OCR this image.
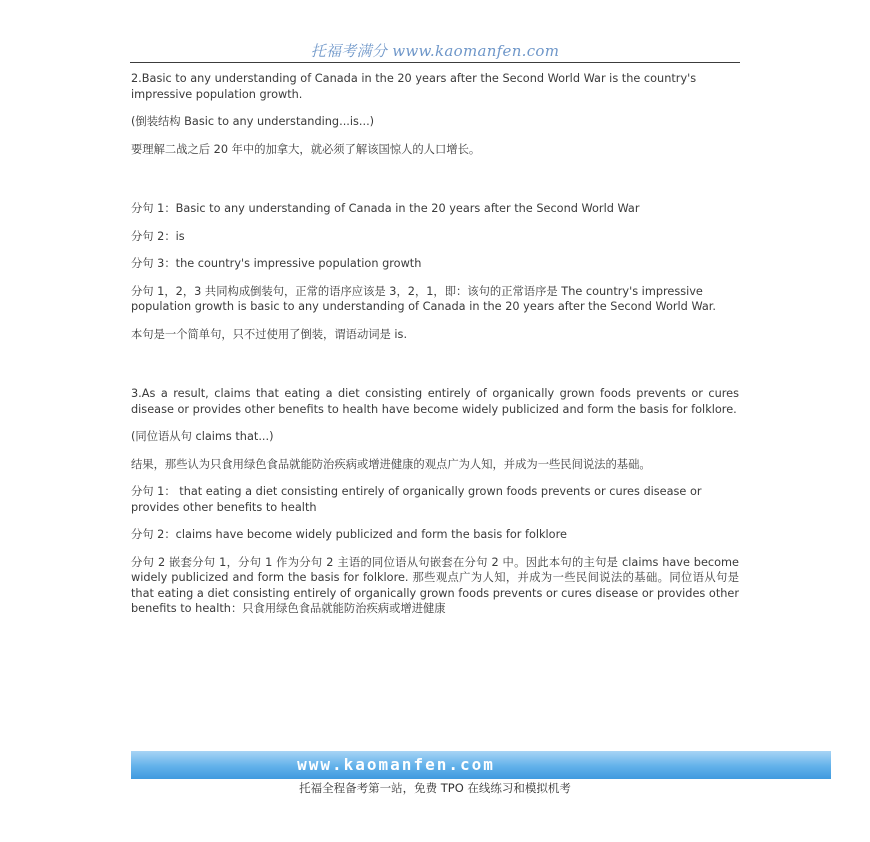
托福考满分 www.kaomanfen.com

2.Basic to any understanding of Canada in the 20 years after the Second World War is the country's impressive population growth.

(倒装结构 Basic to any understanding...is...)

要理解二战之后 20 年中的加拿大，就必须了解该国惊人的人口增长。

分句 1：Basic to any understanding of Canada in the 20 years after the Second World War

分句 2：is

分句 3：the country's impressive population growth

分句 1，2，3 共同构成倒装句，正常的语序应该是 3，2，1，即：该句的正常语序是 The country's impressive population growth is basic to any understanding of Canada in the 20 years after the Second World War.

本句是一个简单句，只不过使用了倒装，谓语动词是 is.

3.As a result, claims that eating a diet consisting entirely of organically grown foods prevents or cures disease or provides other benefits to health have become widely publicized and form the basis for folklore.

(同位语从句 claims that...)

结果，那些认为只食用绿色食品就能防治疾病或增进健康的观点广为人知，并成为一些民间说法的基础。

分句 1： that eating a diet consisting entirely of organically grown foods prevents or cures disease or provides other benefits to health

分句 2：claims have become widely publicized and form the basis for folklore

分句 2 嵌套分句 1，分句 1 作为分句 2 主语的同位语从句嵌套在分句 2 中。因此本句的主句是 claims have become widely publicized and form the basis for folklore. 那些观点广为人知，并成为一些民间说法的基础。同位语从句是 that eating a diet consisting entirely of organically grown foods prevents or cures disease or provides other benefits to health：只食用绿色食品就能防治疾病或增进健康

www.kaomanfen.com
托福全程备考第一站，免费 TPO 在线练习和模拟机考
